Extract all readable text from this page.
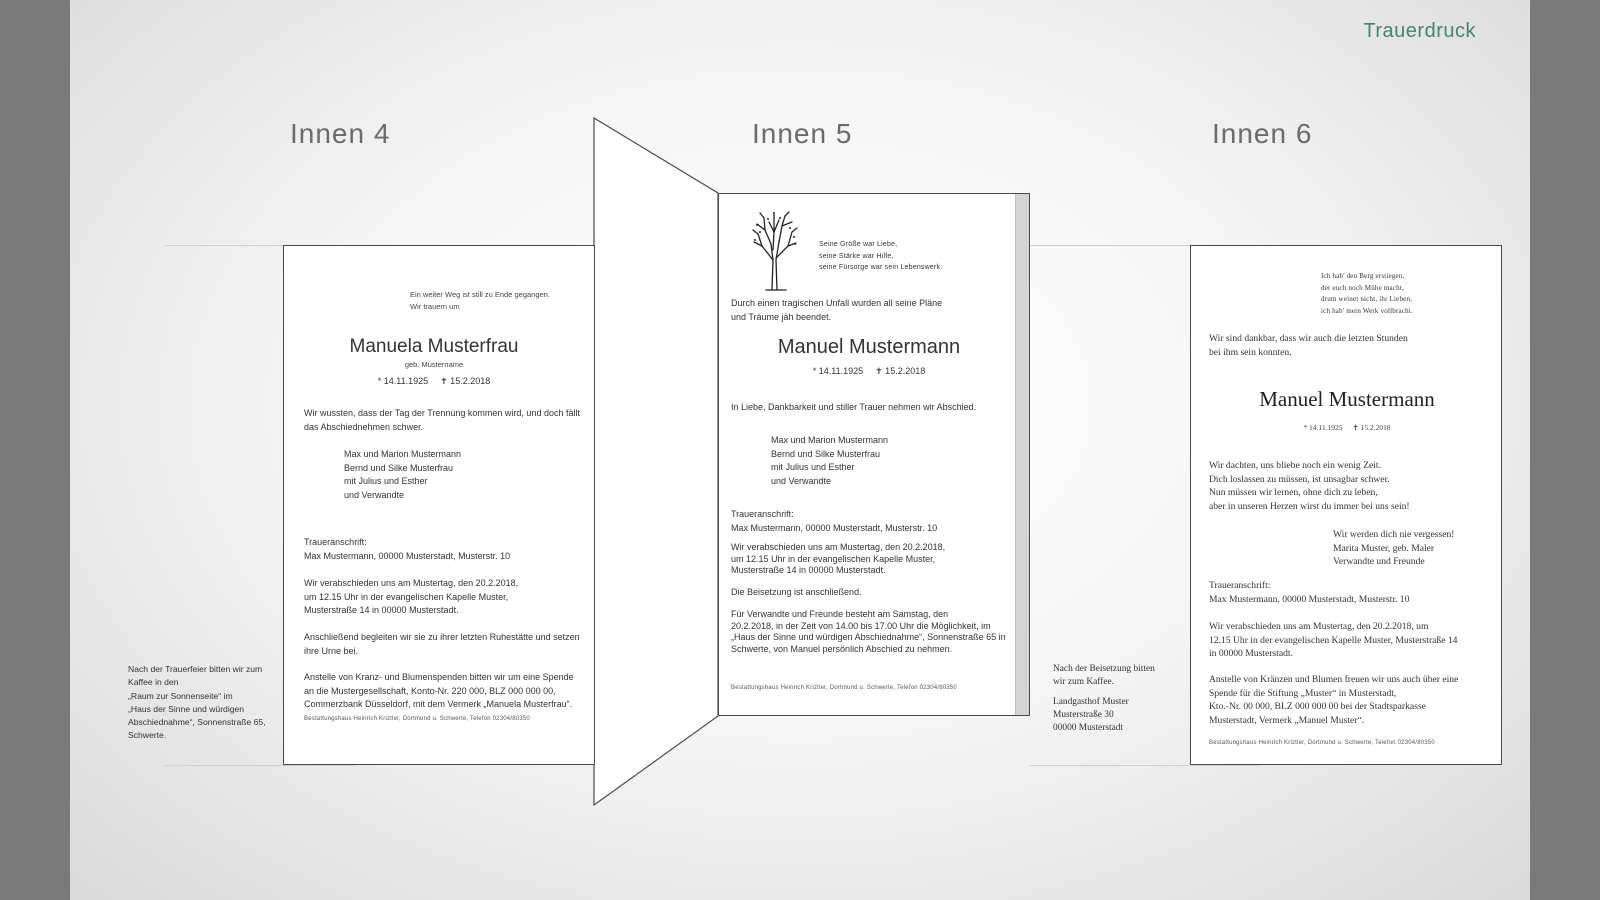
Trauerdruck
Innen 4	Innen 5	Innen 6
Nach der Trauerfeier bitten wir zum
Kaffee in den
„Raum zur Sonnenseite“ im
„Haus der Sinne und würdigen
Abschiednahme“, Sonnenstraße 65,
Schwerte.
Ein weiter Weg ist still zu Ende gegangen.
Wir trauern um
Manuela Musterfrau
geb. Mustername
* 14.11.1925 ✝ 15.2.2018
Wir wussten, dass der Tag der Trennung kommen wird, und doch fällt
das Abschiednehmen schwer.
Max und Marion Mustermann
Bernd und Silke Musterfrau
mit Julius und Esther
und Verwandte
Traueranschrift:
Max Mustermann, 00000 Musterstadt, Musterstr. 10
Wir verabschieden uns am Mustertag, den 20.2.2018,
um 12.15 Uhr in der evangelischen Kapelle Muster,
Musterstraße 14 in 00000 Musterstadt.
Anschließend begleiten wir sie zu ihrer letzten Ruhestätte und setzen
ihre Urne bei.
Anstelle von Kranz- und Blumenspenden bitten wir um eine Spende
an die Mustergesellschaft, Konto-Nr. 220 000, BLZ 000 000 00,
Commerzbank Düsseldorf, mit dem Vermerk „Manuela Musterfrau“.
Bestattungshaus Heinrich Kriztler, Dortmund u. Schwerte, Telefon 02304/80350
Seine Größe war Liebe,
seine Stärke war Hilfe,
seine Fürsorge war sein Lebenswerk.
Durch einen tragischen Unfall wurden all seine Pläne
und Träume jäh beendet.
Manuel Mustermann
* 14.11.1925 ✝ 15.2.2018
In Liebe, Dankbarkeit und stiller Trauer nehmen wir Abschied.
Max und Marion Mustermann
Bernd und Silke Musterfrau
mit Julius und Esther
und Verwandte
Traueranschrift:
Max Mustermann, 00000 Musterstadt, Musterstr. 10
Wir verabschieden uns am Mustertag, den 20.2.2018,
um 12.15 Uhr in der evangelischen Kapelle Muster,
Musterstraße 14 in 00000 Musterstadt.
Die Beisetzung ist anschließend.
Für Verwandte und Freunde besteht am Samstag, den
20.2.2018, in der Zeit von 14.00 bis 17.00 Uhr die Möglichkeit, im
„Haus der Sinne und würdigen Abschiednahme“, Sonnenstraße 65 in
Schwerte, von Manuel persönlich Abschied zu nehmen.
Bestattungshaus Heinrich Kriztler, Dortmund u. Schwerte, Telefon 02304/80350
Nach der Beisetzung bitten
wir zum Kaffee.
Landgasthof Muster
Musterstraße 30
00000 Musterstadt
Ich hab' den Berg erstiegen,
der euch noch Mühe macht,
drum weinet nicht, ihr Lieben,
ich hab' mein Werk vollbracht.
Wir sind dankbar, dass wir auch die letzten Stunden
bei ihm sein konnten.
Manuel Mustermann
* 14.11.1925 ✝ 15.2.2018
Wir dachten, uns bliebe noch ein wenig Zeit.
Dich loslassen zu müssen, ist unsagbar schwer.
Nun müssen wir lernen, ohne dich zu leben,
aber in unseren Herzen wirst du immer bei uns sein!
Wir werden dich nie vergessen!
Marita Muster, geb. Maler
Verwandte und Freunde
Traueranschrift:
Max Mustermann, 00000 Musterstadt, Musterstr. 10
Wir verabschieden uns am Mustertag, den 20.2.2018, um
12.15 Uhr in der evangelischen Kapelle Muster, Musterstraße 14
in 00000 Musterstadt.
Anstelle von Kränzen und Blumen freuen wir uns auch über eine
Spende für die Stiftung „Muster“ in Musterstadt,
Kto.-Nr. 00 000, BLZ 000 000 00 bei der Stadtsparkasse
Musterstadt, Vermerk „Manuel Muster“.
Bestattungshaus Heinrich Kriztler, Dortmund u. Schwerte, Telefon 02304/80350
